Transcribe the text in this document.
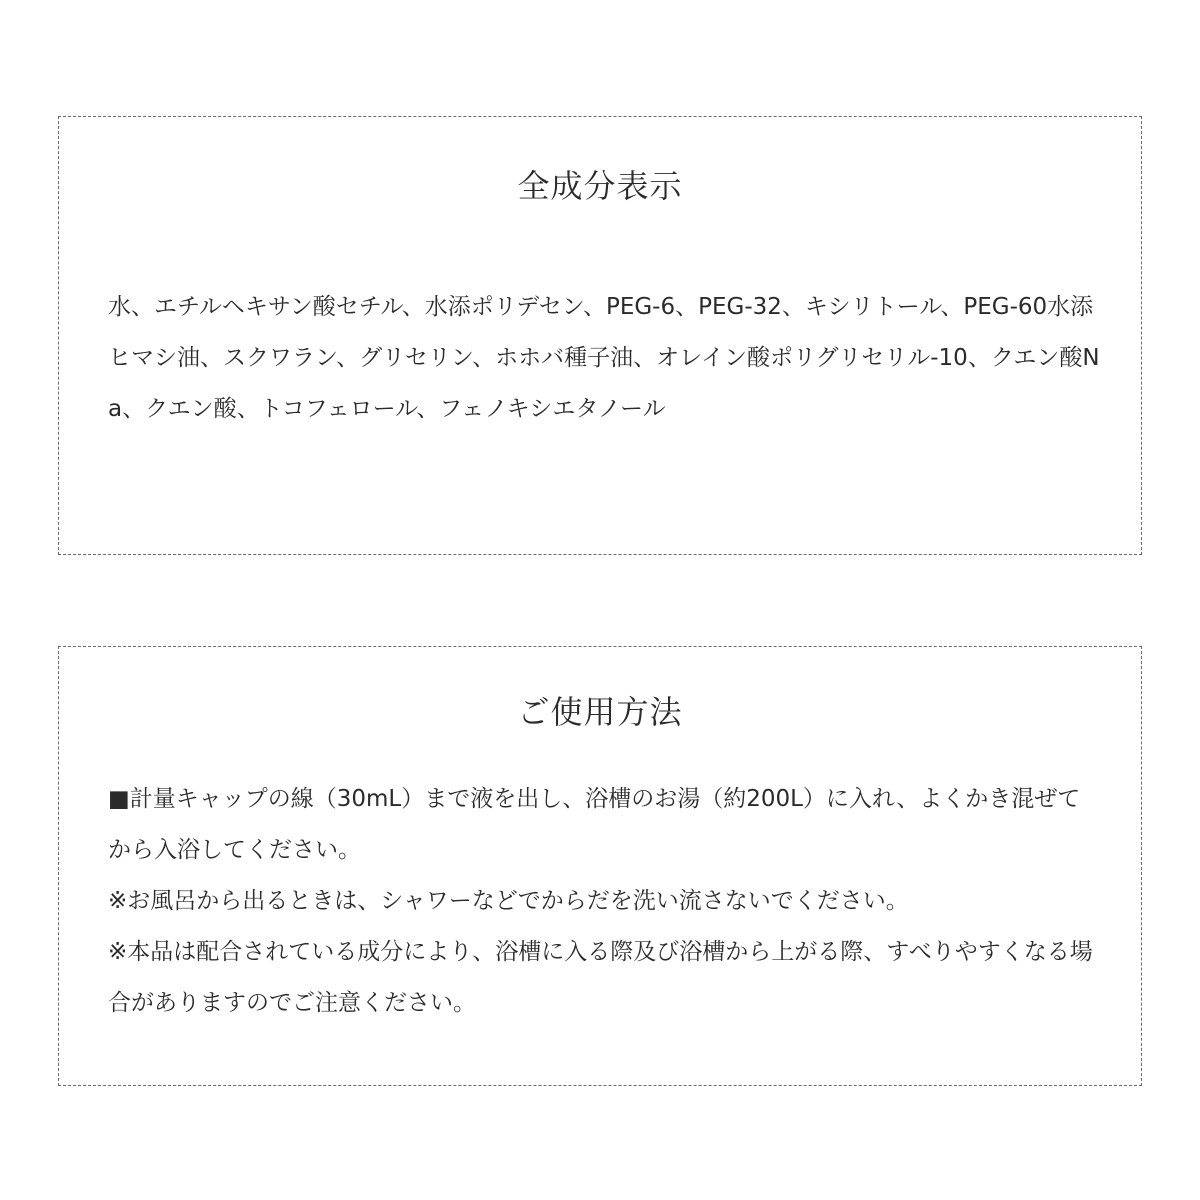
全成分表示

水、エチルヘキサン酸セチル、水添ポリデセン、PEG-6、PEG-32、キシリトール、PEG-60水添ヒマシ油、スクワラン、グリセリン、ホホバ種子油、オレイン酸ポリグリセリル-10、クエン酸Na、クエン酸、トコフェロール、フェノキシエタノール

ご使用方法

■計量キャップの線（30mL）まで液を出し、浴槽のお湯（約200L）に入れ、よくかき混ぜてから入浴してください。

※お風呂から出るときは、シャワーなどでからだを洗い流さないでください。

※本品は配合されている成分により、浴槽に入る際及び浴槽から上がる際、すべりやすくなる場合がありますのでご注意ください。
